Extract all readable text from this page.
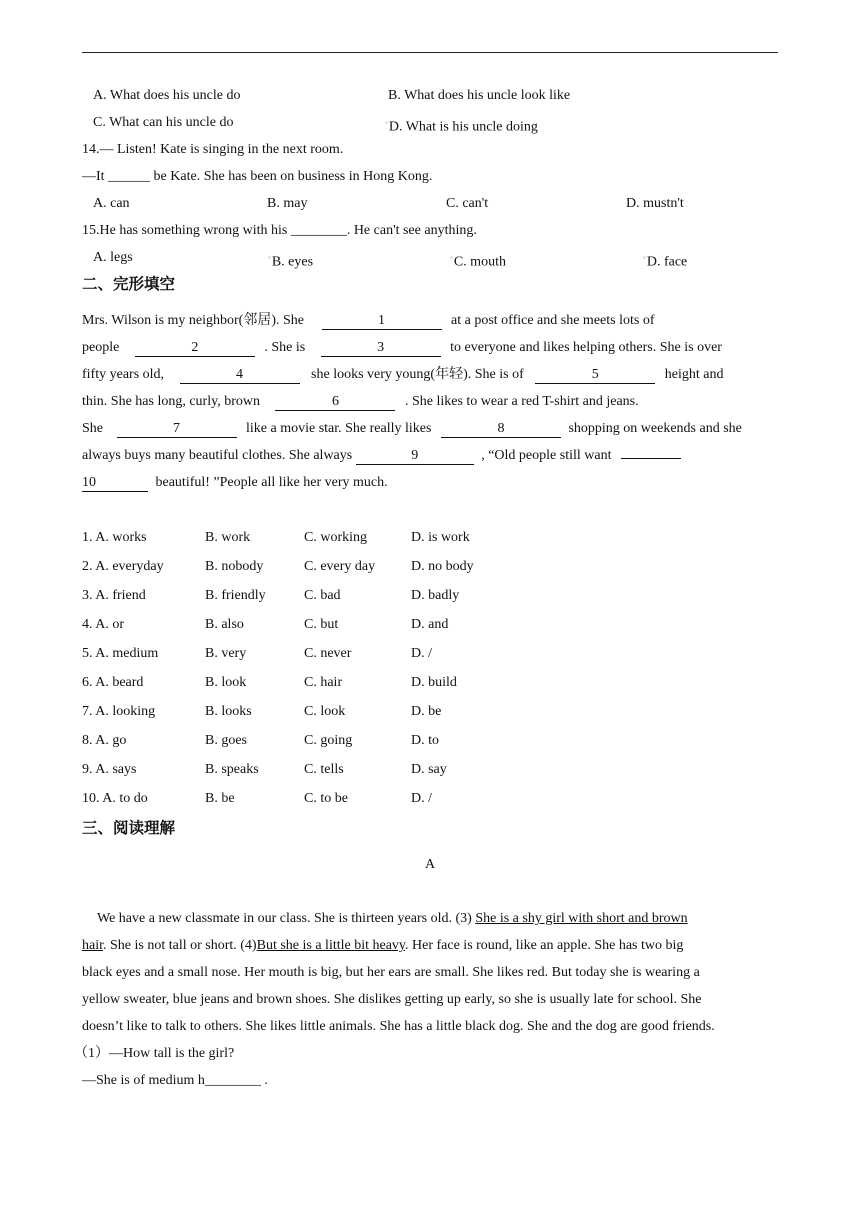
A. What does his uncle do	B. What does his uncle look like
C. What can his uncle do	◦D. What is his uncle doing
14.— Listen! Kate is singing in the next room.
—It ______ be Kate. She has been on business in Hong Kong.
A. can	B. may	C. can't	D. mustn't
15.He has something wrong with his ________. He can't see anything.
A. legs	◦B. eyes	◦C. mouth	◦D. face
二、完形填空
Mrs. Wilson is my neighbor(邻居). She	1	at a post office and she meets lots of
people	2	. She is	3	to everyone and likes helping others. She is over
fifty years old,	4	she looks very young(年轻). She is of	5	height and
thin. She has long, curly, brown	6	. She likes to wear a red T-shirt and jeans.
She	7	like a movie star. She really likes	8	shopping on weekends and she
always buys many beautiful clothes. She always	9	, “Old people still want
10	beautiful! ”People all like her very much.
1. A. works	B. work	C. working	D. is work
2. A. everyday	B. nobody	C. every day	D. no body
3. A. friend	B. friendly	C. bad	D. badly
4. A. or	B. also	C. but	D. and
5. A. medium	B. very	C. never	D. /
6. A. beard	B. look	C. hair	D. build
7. A. looking	B. looks	C. look	D. be
8. A. go	B. goes	C. going	D. to
9. A. says	B. speaks	C. tells	D. say
10. A. to do	B. be	C. to be	D. /
三、阅读理解
A
We have a new classmate in our class. She is thirteen years old. (3) She is a shy girl with short and brown
hair. She is not tall or short. (4)But she is a little bit heavy. Her face is round, like an apple. She has two big
black eyes and a small nose. Her mouth is big, but her ears are small. She likes red. But today she is wearing a
yellow sweater, blue jeans and brown shoes. She dislikes getting up early, so she is usually late for school. She
doesn’t like to talk to others. She likes little animals. She has a little black dog. She and the dog are good friends.
（1）—How tall is the girl?
—She is of medium h________ .
